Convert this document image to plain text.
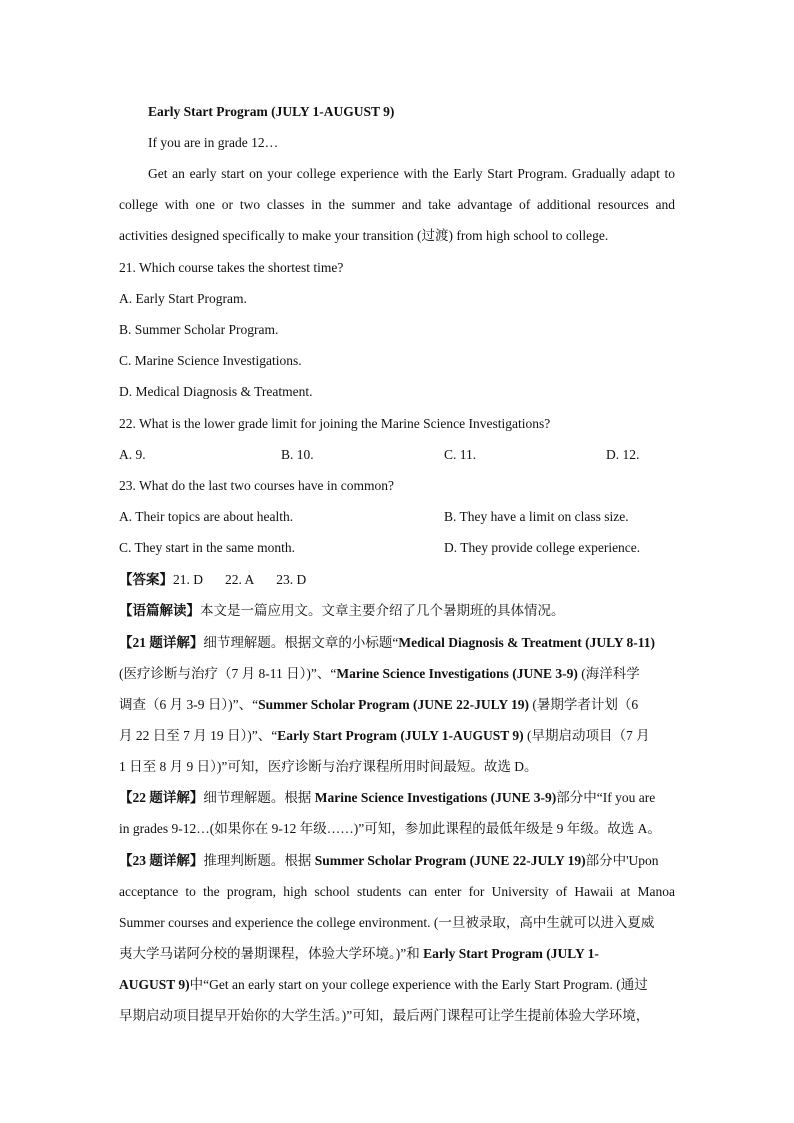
Early Start Program (JULY 1-AUGUST 9)
If you are in grade 12…
Get an early start on your college experience with the Early Start Program. Gradually adapt to
college with one or two classes in the summer and take advantage of additional resources and
activities designed specifically to make your transition (过渡) from high school to college.
21. Which course takes the shortest time?
A. Early Start Program.
B. Summer Scholar Program.
C. Marine Science Investigations.
D. Medical Diagnosis & Treatment.
22. What is the lower grade limit for joining the Marine Science Investigations?
A. 9.	B. 10.	C. 11.	D. 12.
23. What do the last two courses have in common?
A. Their topics are about health.	B. They have a limit on class size.
C. They start in the same month.	D. They provide college experience.
【答案】21. D 22. A 23. D
【语篇解读】本文是一篇应用文。文章主要介绍了几个暑期班的具体情况。
【21 题详解】细节理解题。根据文章的小标题“Medical Diagnosis & Treatment (JULY 8-11)
(医疗诊断与治疗（7 月 8-11 日）)”、“Marine Science Investigations (JUNE 3-9) (海洋科学
调查（6 月 3-9 日）)”、“Summer Scholar Program (JUNE 22-JULY 19) (暑期学者计划（6
月 22 日至 7 月 19 日）)”、“Early Start Program (JULY 1-AUGUST 9) (早期启动项目（7 月
1 日至 8 月 9 日）)”可知，医疗诊断与治疗课程所用时间最短。故选 D。
【22 题详解】细节理解题。根据 Marine Science Investigations (JUNE 3-9)部分中“If you are
in grades 9-12…(如果你在 9-12 年级……)”可知，参加此课程的最低年级是 9 年级。故选 A。
【23 题详解】推理判断题。根据 Summer Scholar Program (JUNE 22-JULY 19)部分中'Upon
acceptance to the program, high school students can enter for University of Hawaii at Manoa
Summer courses and experience the college environment. (一旦被录取，高中生就可以进入夏威
夷大学马诺阿分校的暑期课程，体验大学环境。)”和 Early Start Program (JULY 1-
AUGUST 9)中“Get an early start on your college experience with the Early Start Program. (通过
早期启动项目提早开始你的大学生活。)”可知，最后两门课程可让学生提前体验大学环境，
